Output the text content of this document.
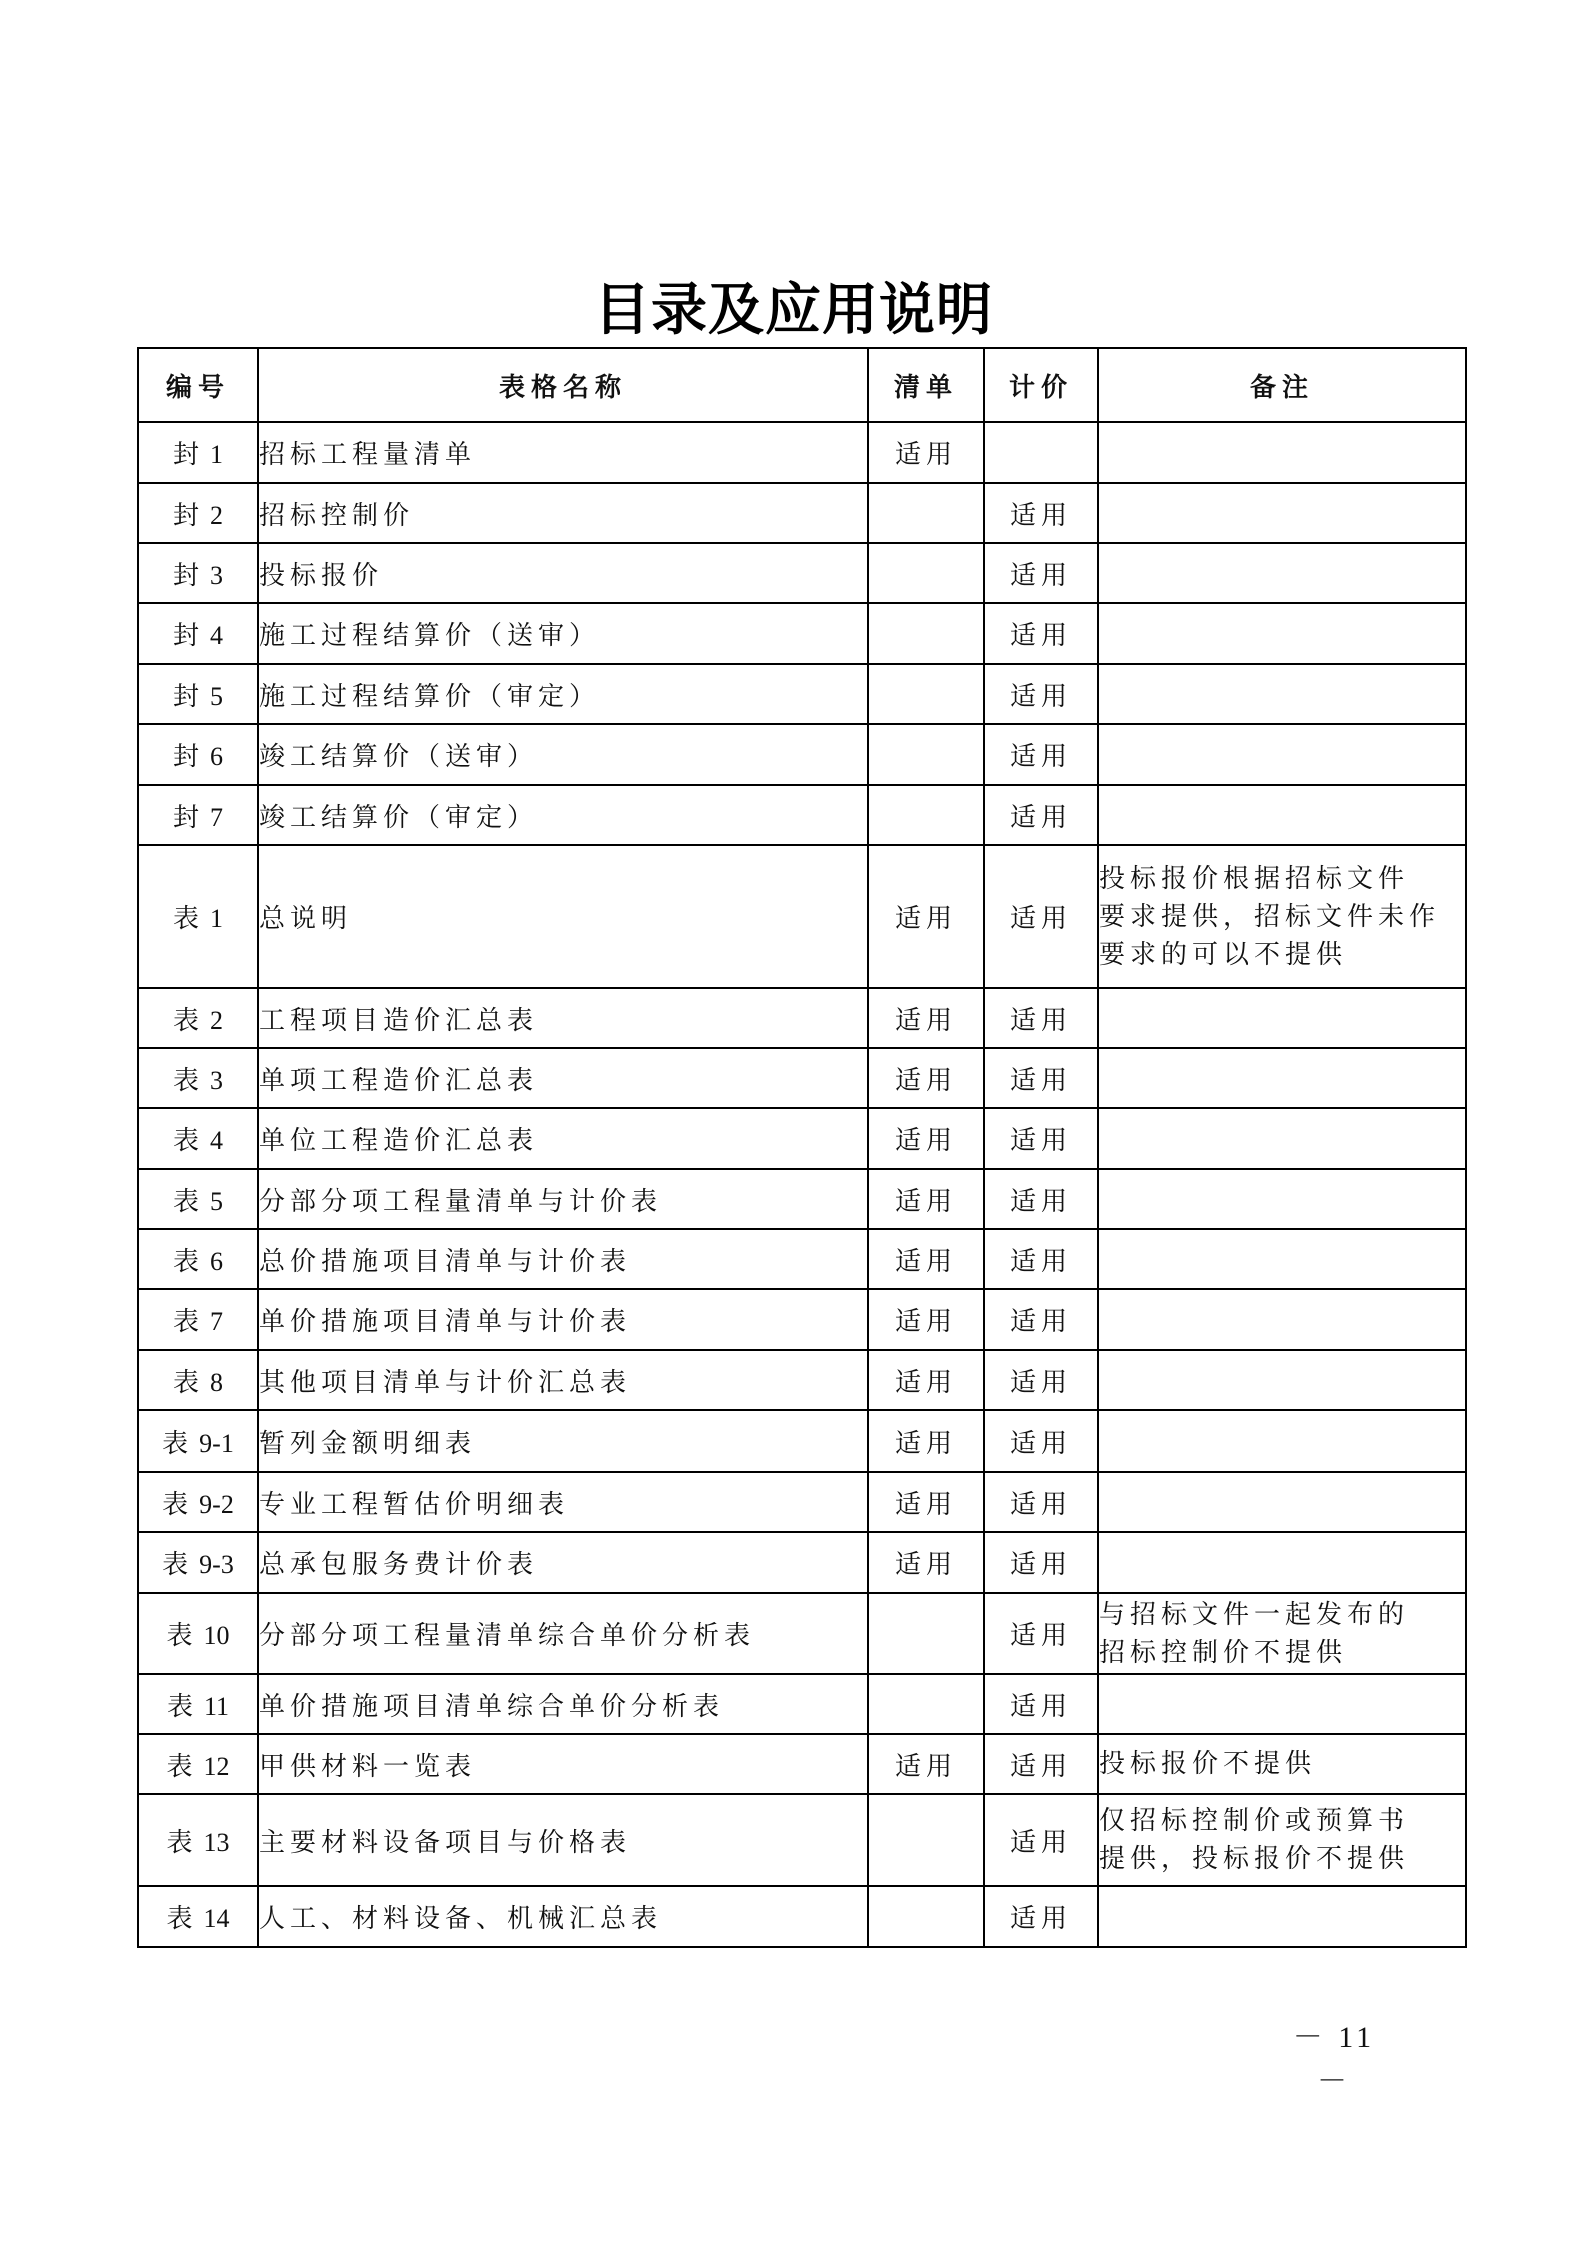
目录及应用说明
编号	表格名称	清单	计价	备注
封 1	招标工程量清单	适用		
封 2	招标控制价		适用	
封 3	投标报价		适用	
封 4	施工过程结算价（送审）		适用	
封 5	施工过程结算价（审定）		适用	
封 6	竣工结算价（送审）		适用	
封 7	竣工结算价（审定）		适用	
表 1	总说明	适用	适用	投标报价根据招标文件
要求提供，招标文件未作
要求的可以不提供

表 2	工程项目造价汇总表	适用	适用	
表 3	单项工程造价汇总表	适用	适用	
表 4	单位工程造价汇总表	适用	适用	
表 5	分部分项工程量清单与计价表	适用	适用	
表 6	总价措施项目清单与计价表	适用	适用	
表 7	单价措施项目清单与计价表	适用	适用	
表 8	其他项目清单与计价汇总表	适用	适用	
表 9-1	暂列金额明细表	适用	适用	
表 9-2	专业工程暂估价明细表	适用	适用	
表 9-3	总承包服务费计价表	适用	适用	
表 10	分部分项工程量清单综合单价分析表		适用	与招标文件一起发布的
招标控制价不提供

表 11	单价措施项目清单综合单价分析表		适用	
表 12	甲供材料一览表	适用	适用	投标报价不提供

表 13	主要材料设备项目与价格表		适用	仅招标控制价或预算书
提供，投标报价不提供

表 14	人工、材料设备、机械汇总表		适用	
－ 11 －
